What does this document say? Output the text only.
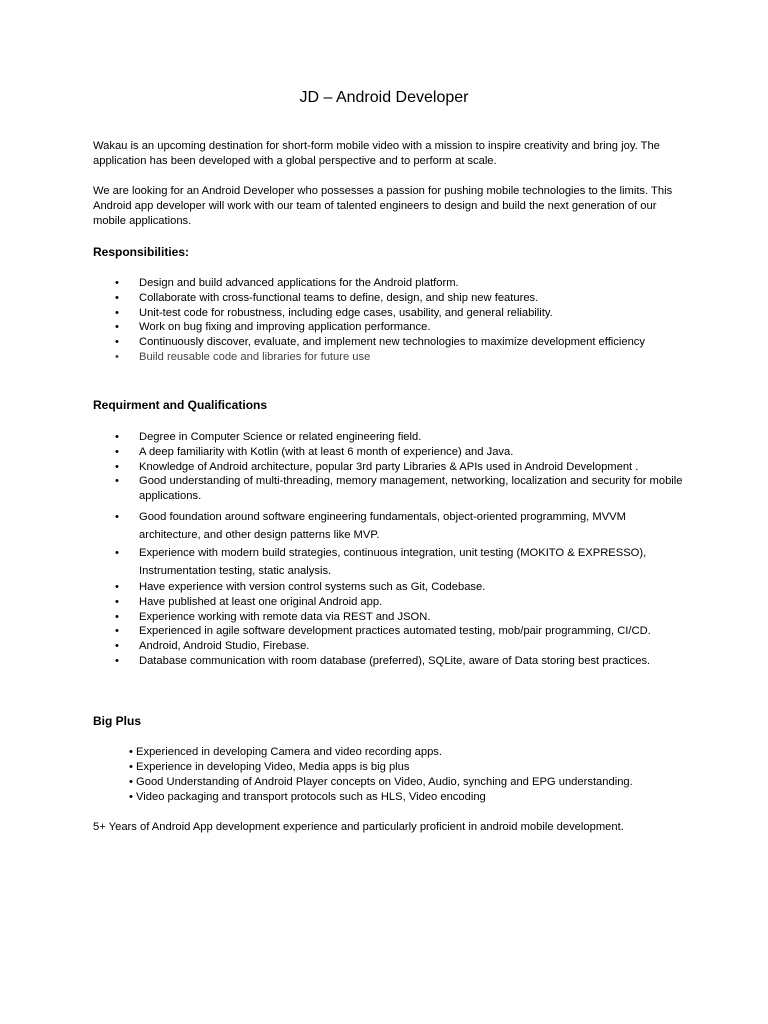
JD – Android Developer

Wakau is an upcoming destination for short-form mobile video with a mission to inspire creativity and bring joy. The application has been developed with a global perspective and to perform at scale.

We are looking for an Android Developer who possesses a passion for pushing mobile technologies to the limits. This Android app developer will work with our team of talented engineers to design and build the next generation of our mobile applications.

Responsibilities:
• Design and build advanced applications for the Android platform.
• Collaborate with cross-functional teams to define, design, and ship new features.
• Unit-test code for robustness, including edge cases, usability, and general reliability.
• Work on bug fixing and improving application performance.
• Continuously discover, evaluate, and implement new technologies to maximize development efficiency
• Build reusable code and libraries for future use
Requirment and Qualifications
• Degree in Computer Science or related engineering field.
• A deep familiarity with Kotlin (with at least 6 month of experience) and Java.
• Knowledge of Android architecture, popular 3rd party Libraries & APIs used in Android Development .
• Good understanding of multi-threading, memory management, networking, localization and security for mobile applications.
• Good foundation around software engineering fundamentals, object-oriented programming, MVVM architecture, and other design patterns like MVP.
• Experience with modern build strategies, continuous integration, unit testing (MOKITO & EXPRESSO), Instrumentation testing, static analysis.
• Have experience with version control systems such as Git, Codebase.
• Have published at least one original Android app.
• Experience working with remote data via REST and JSON.
• Experienced in agile software development practices automated testing, mob/pair programming, CI/CD.
• Android, Android Studio, Firebase.
• Database communication with room database (preferred), SQLite, aware of Data storing best practices.
Big Plus
• Experienced in developing Camera and video recording apps.
• Experience in developing Video, Media apps is big plus
• Good Understanding of Android Player concepts on Video, Audio, synching and EPG understanding.
• Video packaging and transport protocols such as HLS, Video encoding

5+ Years of Android App development experience and particularly proficient in android mobile development.
